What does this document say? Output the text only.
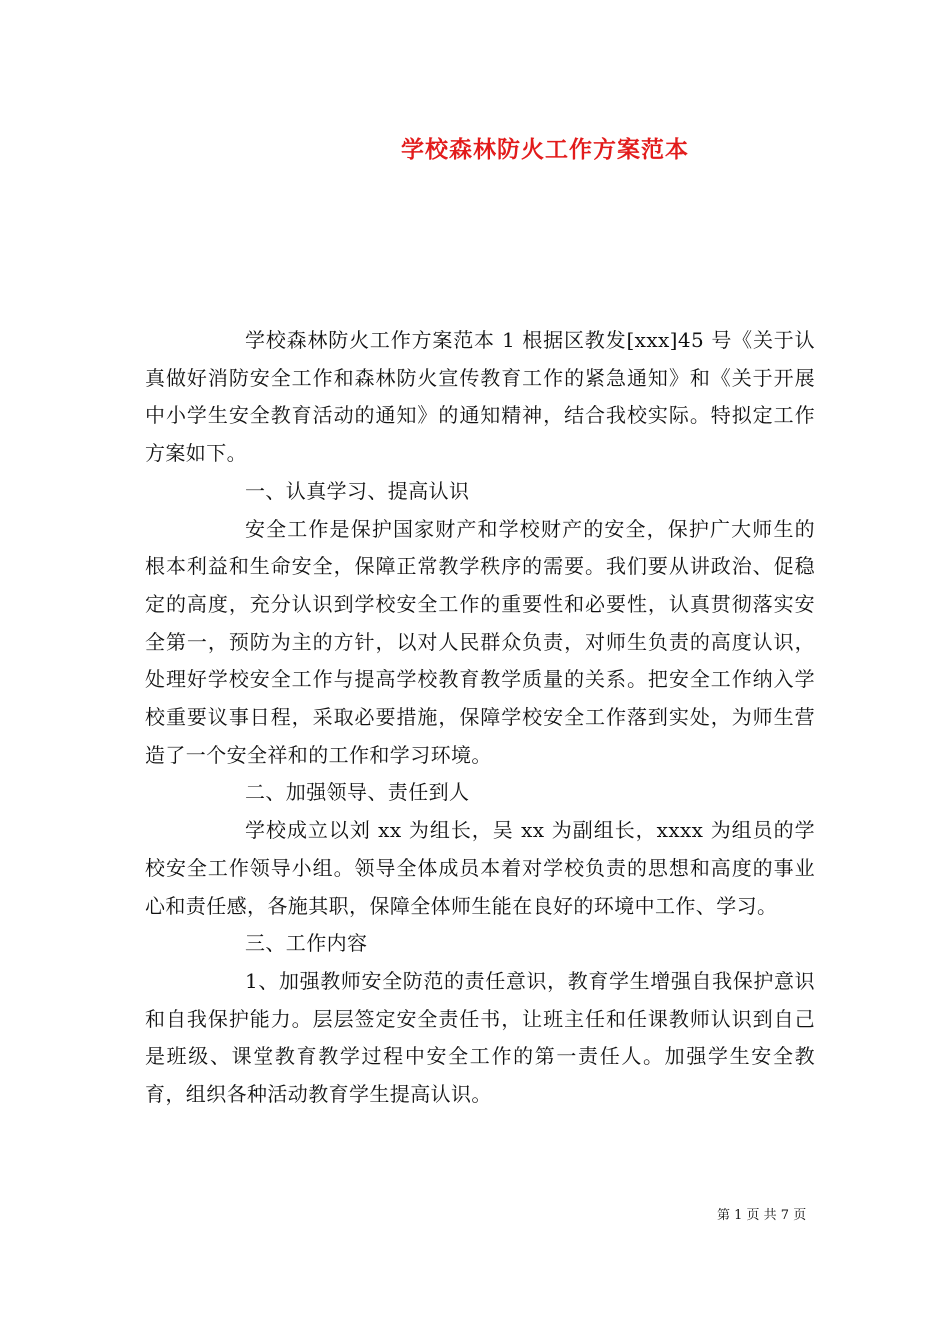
学校森林防火工作方案范本

学校森林防火工作方案范本 1 根据区教发[xxx]45 号《关于认真做好消防安全工作和森林防火宣传教育工作的紧急通知》和《关于开展中小学生安全教育活动的通知》的通知精神，结合我校实际。特拟定工作方案如下。

一、认真学习、提高认识

安全工作是保护国家财产和学校财产的安全，保护广大师生的根本利益和生命安全，保障正常教学秩序的需要。我们要从讲政治、促稳定的高度，充分认识到学校安全工作的重要性和必要性，认真贯彻落实安全第一，预防为主的方针，以对人民群众负责，对师生负责的高度认识，处理好学校安全工作与提高学校教育教学质量的关系。把安全工作纳入学校重要议事日程，采取必要措施，保障学校安全工作落到实处，为师生营造了一个安全祥和的工作和学习环境。

二、加强领导、责任到人

学校成立以刘 xx 为组长，吴 xx 为副组长，xxxx 为组员的学校安全工作领导小组。领导全体成员本着对学校负责的思想和高度的事业心和责任感，各施其职，保障全体师生能在良好的环境中工作、学习。

三、工作内容

1、加强教师安全防范的责任意识，教育学生增强自我保护意识和自我保护能力。层层签定安全责任书，让班主任和任课教师认识到自己是班级、课堂教育教学过程中安全工作的第一责任人。加强学生安全教育，组织各种活动教育学生提高认识。

第 1 页 共 7 页
